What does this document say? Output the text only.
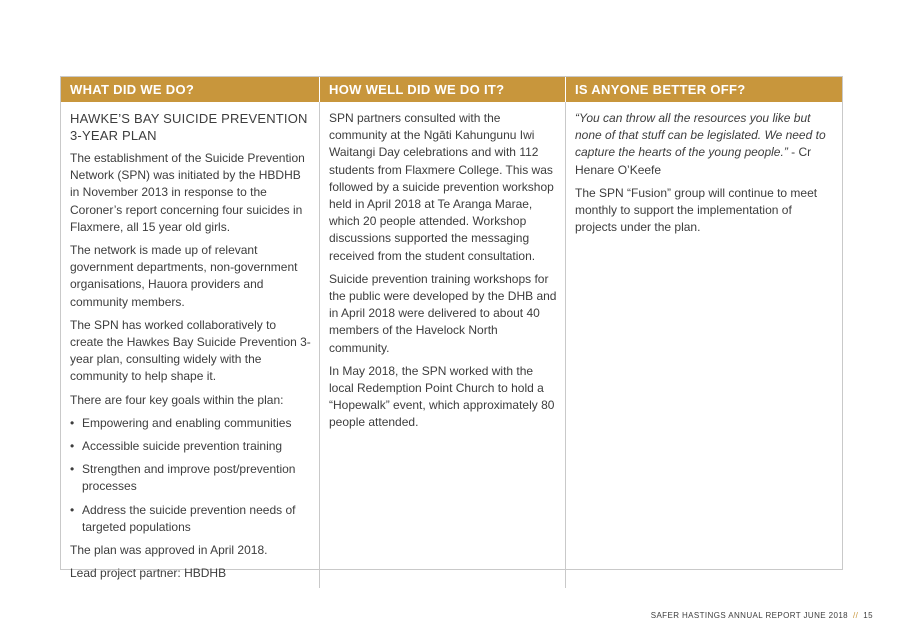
WHAT DID WE DO?	HOW WELL DID WE DO IT?	IS ANYONE BETTER OFF?
HAWKE’S BAY SUICIDE PREVENTION
3-YEAR PLAN

The establishment of the Suicide Prevention Network (SPN) was initiated by the HBDHB in November 2013 in response to the Coroner’s report concerning four suicides in Flaxmere, all 15 year old girls.

The network is made up of relevant government departments, non-government organisations, Hauora providers and community members.

The SPN has worked collaboratively to create the Hawkes Bay Suicide Prevention 3-year plan, consulting widely with the community to help shape it.

There are four key goals within the plan:

• Empowering and enabling communities
• Accessible suicide prevention training
• Strengthen and improve post/prevention processes
• Address the suicide prevention needs of targeted populations

The plan was approved in April 2018.

Lead project partner: HBDHB

SPN partners consulted with the community at the Ngāti Kahungunu Iwi Waitangi Day celebrations and with 112 students from Flaxmere College. This was followed by a suicide prevention workshop held in April 2018 at Te Aranga Marae, which 20 people attended. Workshop discussions supported the messaging received from the student consultation.

Suicide prevention training workshops for the public were developed by the DHB and in April 2018 were delivered to about 40 members of the Havelock North community.

In May 2018, the SPN worked with the local Redemption Point Church to hold a “Hopewalk” event, which approximately 80 people attended.

“You can throw all the resources you like but none of that stuff can be legislated. We need to capture the hearts of the young people.” - Cr Henare O’Keefe

The SPN “Fusion” group will continue to meet monthly to support the implementation of projects under the plan.

SAFER HASTINGS ANNUAL REPORT JUNE 2018 // 15
